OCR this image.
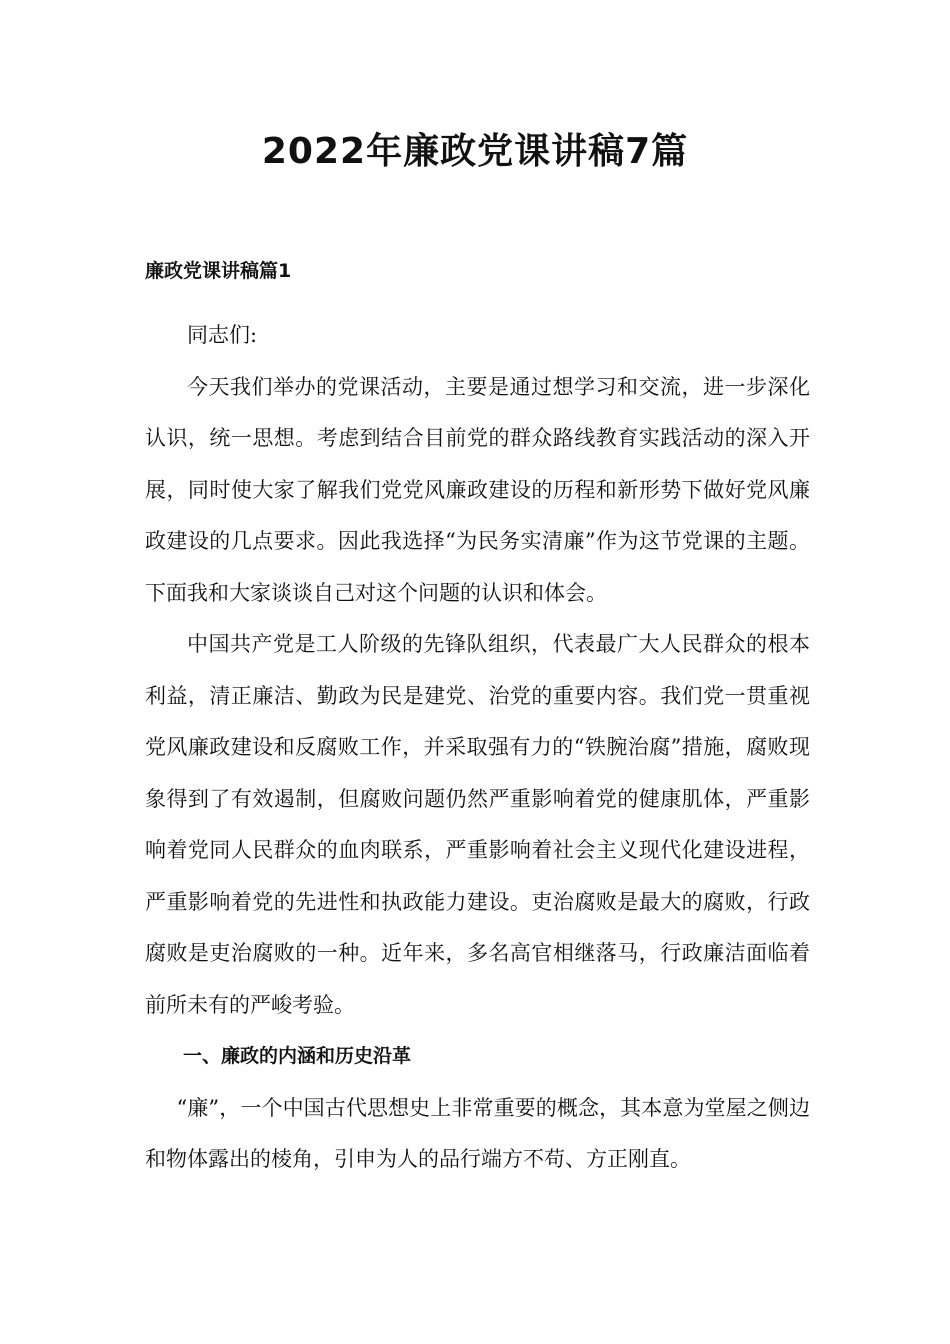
2022年廉政党课讲稿7篇
廉政党课讲稿篇1

同志们:

今天我们举办的党课活动，主要是通过想学习和交流，进一步深化认识，统一思想。考虑到结合目前党的群众路线教育实践活动的深入开展，同时使大家了解我们党党风廉政建设的历程和新形势下做好党风廉政建设的几点要求。因此我选择“为民务实清廉”作为这节党课的主题。下面我和大家谈谈自己对这个问题的认识和体会。

中国共产党是工人阶级的先锋队组织，代表最广大人民群众的根本利益，清正廉洁、勤政为民是建党、治党的重要内容。我们党一贯重视党风廉政建设和反腐败工作，并采取强有力的“铁腕治腐”措施，腐败现象得到了有效遏制，但腐败问题仍然严重影响着党的健康肌体，严重影响着党同人民群众的血肉联系，严重影响着社会主义现代化建设进程，严重影响着党的先进性和执政能力建设。吏治腐败是最大的腐败，行政腐败是吏治腐败的一种。近年来，多名高官相继落马，行政廉洁面临着前所未有的严峻考验。

一、廉政的内涵和历史沿革

“廉”，一个中国古代思想史上非常重要的概念，其本意为堂屋之侧边和物体露出的棱角，引申为人的品行端方不苟、方正刚直。
